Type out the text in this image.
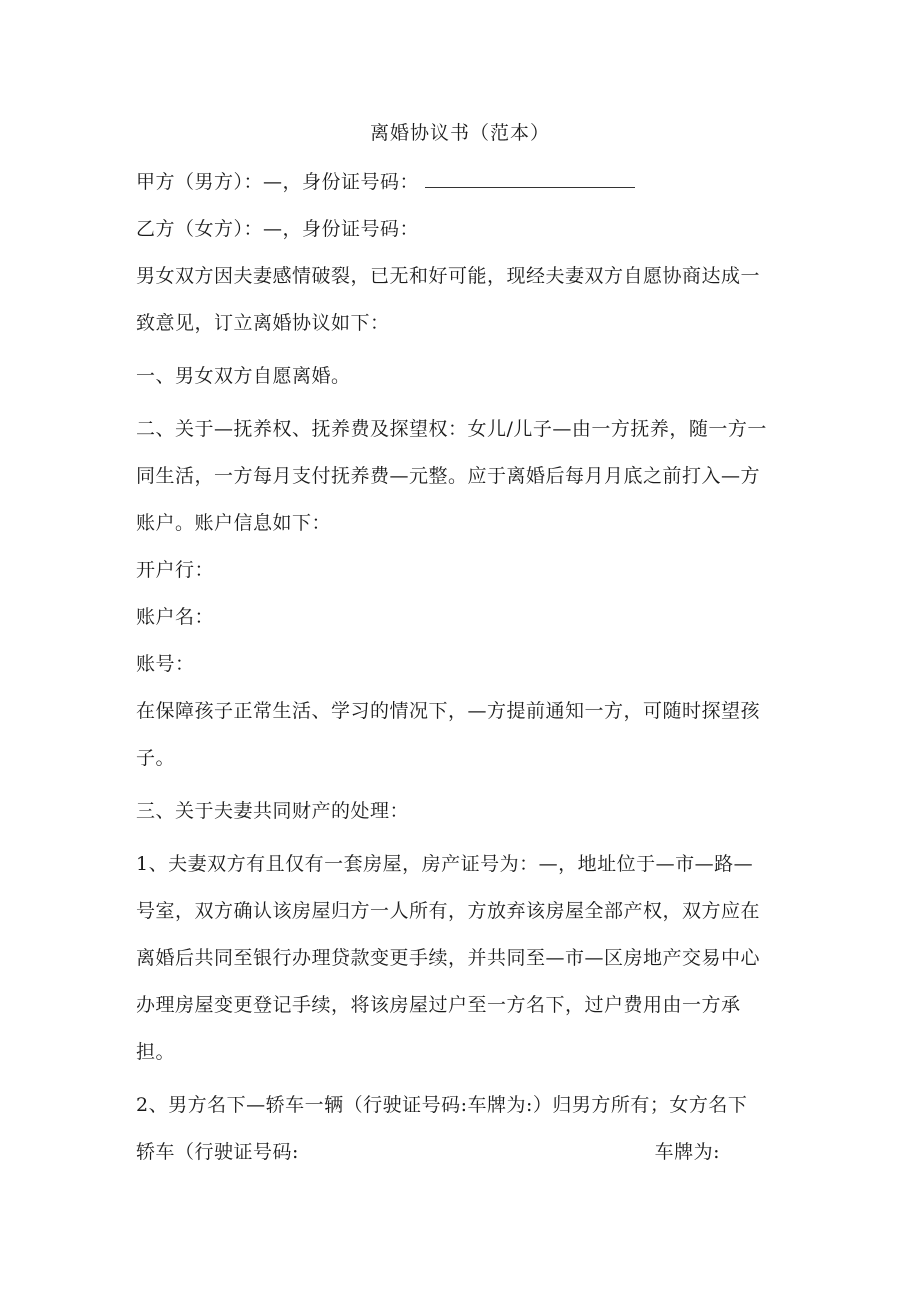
离婚协议书（范本）
甲方（男方）：—，身份证号码：
乙方（女方）：—，身份证号码：
男女双方因夫妻感情破裂，已无和好可能，现经夫妻双方自愿协商达成一
致意见，订立离婚协议如下：
一、男女双方自愿离婚。
二、关于—抚养权、抚养费及探望权：女儿/儿子—由一方抚养，随一方一
同生活，一方每月支付抚养费—元整。应于离婚后每月月底之前打入—方
账户。账户信息如下：
开户行：
账户名：
账号：
在保障孩子正常生活、学习的情况下，—方提前通知一方，可随时探望孩
子。
三、关于夫妻共同财产的处理：
1、夫妻双方有且仅有一套房屋，房产证号为：—，地址位于—市—路—
号室，双方确认该房屋归方一人所有，方放弃该房屋全部产权，双方应在
离婚后共同至银行办理贷款变更手续，并共同至—市—区房地产交易中心
办理房屋变更登记手续，将该房屋过户至一方名下，过户费用由一方承
担。
2、男方名下—轿车一辆（行驶证号码:车牌为:）归男方所有；女方名下
轿车（行驶证号码:	车牌为:
